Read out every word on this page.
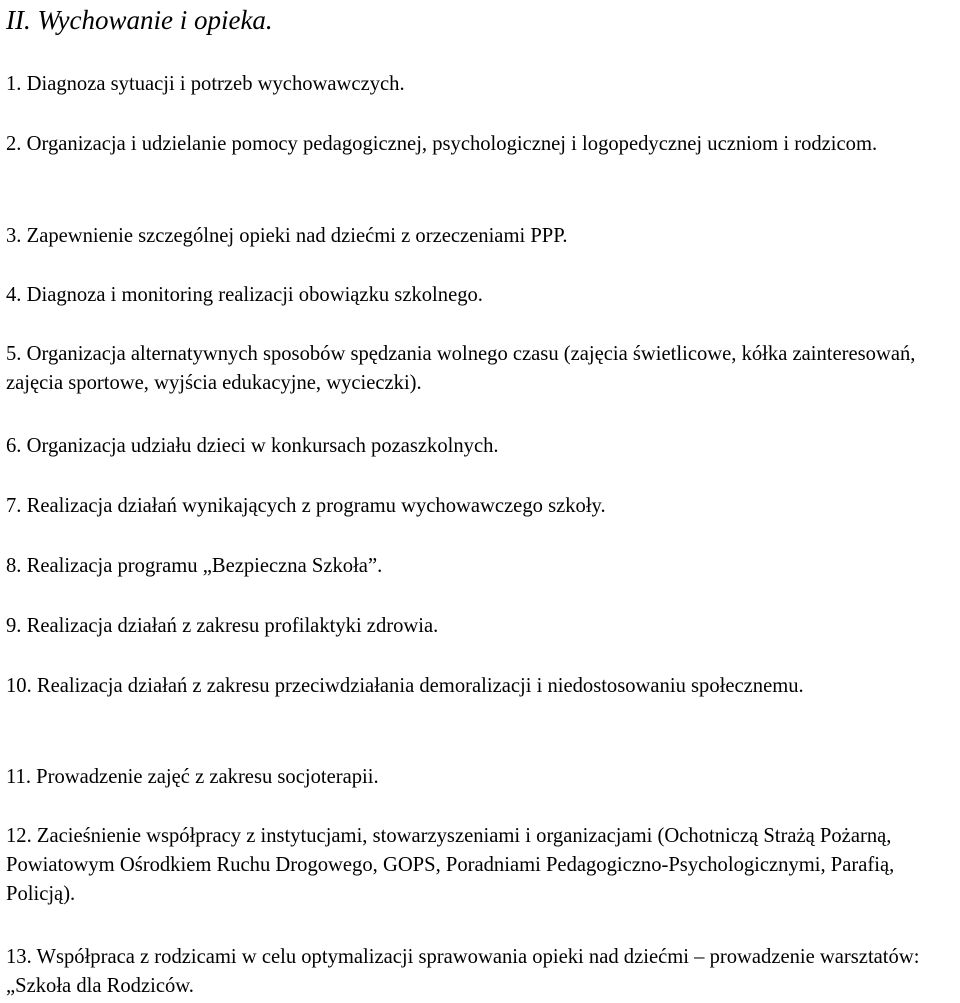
II. Wychowanie i opieka.

1. Diagnoza sytuacji i potrzeb wychowawczych.

2. Organizacja i udzielanie pomocy pedagogicznej, psychologicznej i logopedycznej uczniom i rodzicom.

3. Zapewnienie szczególnej opieki nad dziećmi z orzeczeniami PPP.

4. Diagnoza i monitoring realizacji obowiązku szkolnego.

5. Organizacja alternatywnych sposobów spędzania wolnego czasu (zajęcia świetlicowe, kółka zainteresowań, zajęcia sportowe, wyjścia edukacyjne, wycieczki).

6. Organizacja udziału dzieci w konkursach pozaszkolnych.

7. Realizacja działań wynikających z programu wychowawczego szkoły.

8. Realizacja programu „Bezpieczna Szkoła”.

9. Realizacja działań z zakresu profilaktyki zdrowia.

10. Realizacja działań z zakresu przeciwdziałania demoralizacji i niedostosowaniu społecznemu.

11. Prowadzenie zajęć z zakresu socjoterapii.

12. Zacieśnienie współpracy z instytucjami, stowarzyszeniami i organizacjami (Ochotniczą Strażą Pożarną, Powiatowym Ośrodkiem Ruchu Drogowego, GOPS, Poradniami Pedagogiczno-Psychologicznymi, Parafią, Policją).

13. Współpraca z rodzicami w celu optymalizacji sprawowania opieki nad dziećmi – prowadzenie warsztatów: „Szkoła dla Rodziców.
